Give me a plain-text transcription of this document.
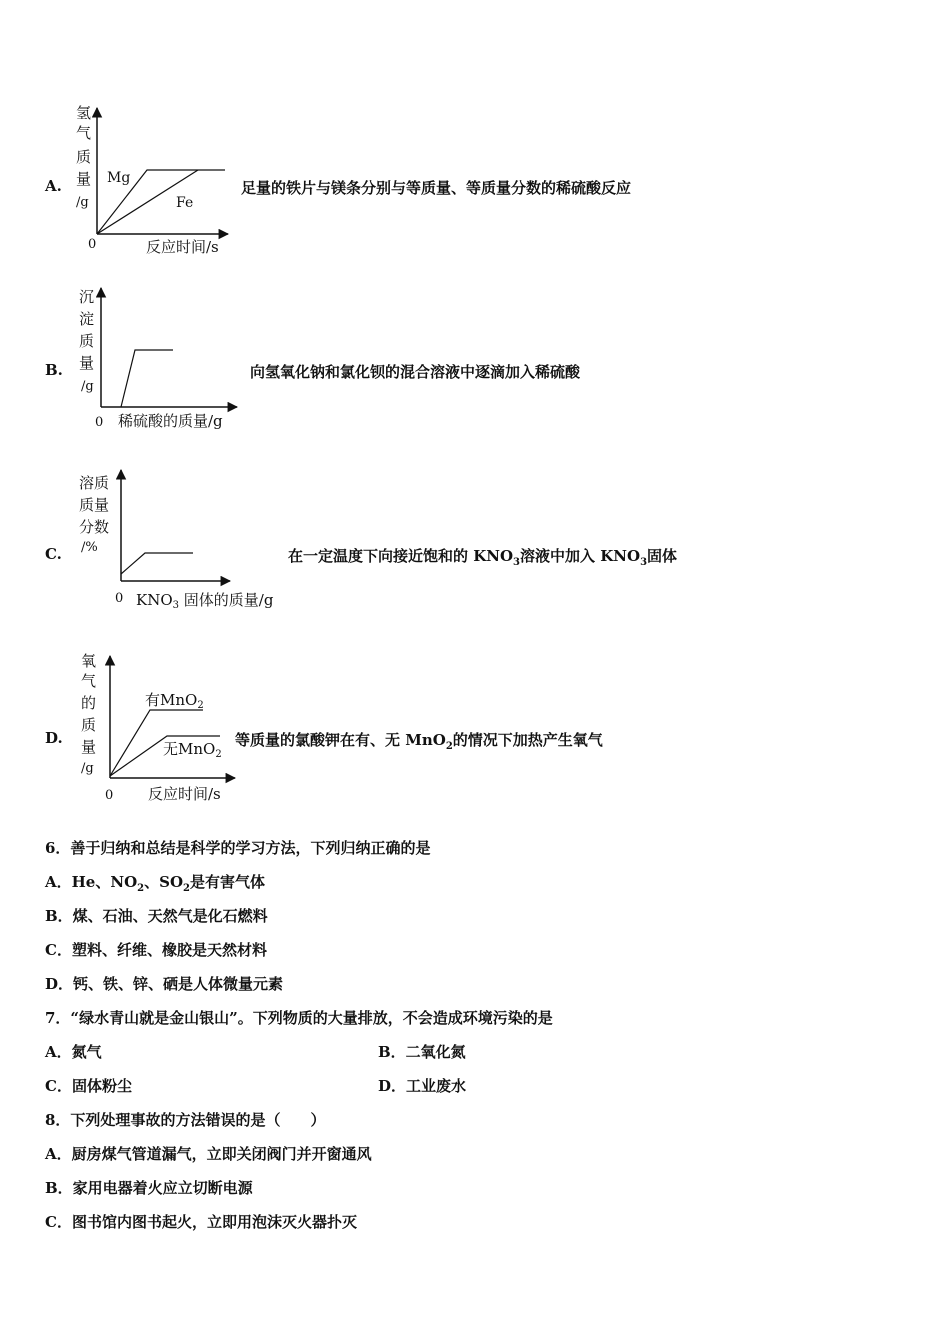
A.
氢
气
质
量
/g
0
Mg
Fe
反应时间/s
足量的铁片与镁条分别与等质量、等质量分数的稀硫酸反应
B.
沉
淀
质
量
/g
0 稀硫酸的质量/g
向氢氧化钠和氯化钡的混合溶液中逐滴加入稀硫酸
C.
溶质
质量
分数
/%
0 $KNO_3$ 固体的质量/g
在一定温度下向接近饱和的 $KNO_3$溶液中加入 $KNO_3$固体
D.
氧
气
的
质
量
/g
0
有MnO$_2$
无MnO$_2$
反应时间/s
等质量的氯酸钾在有、无 MnO$_2$的情况下加热产生氧气
6．善于归纳和总结是科学的学习方法，下列归纳正确的是
A．He、$NO_2$、$SO_2$是有害气体
B．煤、石油、天然气是化石燃料
C．塑料、纤维、橡胶是天然材料
D．钙、铁、锌、硒是人体微量元素
7．“绿水青山就是金山银山”。下列物质的大量排放，不会造成环境污染的是
A．氮气	B．二氧化氮
C．固体粉尘	D．工业废水
8．下列处理事故的方法错误的是（　　）
A．厨房煤气管道漏气，立即关闭阀门并开窗通风
B．家用电器着火应立切断电源
C．图书馆内图书起火，立即用泡沫灭火器扑灭
